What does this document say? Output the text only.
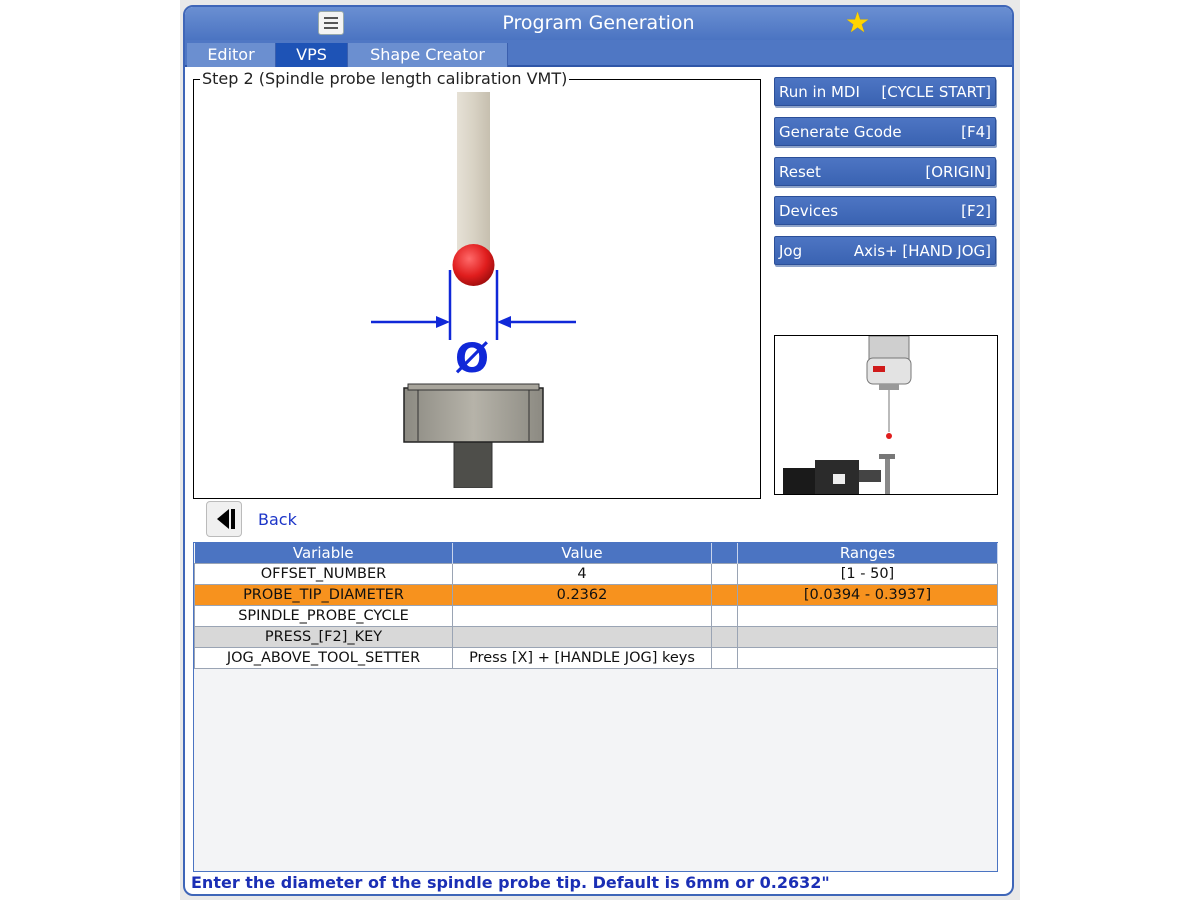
Program Generation	★
Editor	VPS	Shape Creator
Step 2 (Spindle probe length calibration VMT)
Ø
Run in MDI [CYCLE START]
Generate Gcode	[F4]
Reset	[ORIGIN]
Devices	[F2]
Jog	Axis+ [HAND JOG]
Back
Variable	Value		Ranges
OFFSET_NUMBER	4		[1 - 50]
PROBE_TIP_DIAMETER	0.2362		[0.0394 - 0.3937]
SPINDLE_PROBE_CYCLE			
PRESS_[F2]_KEY			
JOG_ABOVE_TOOL_SETTER	Press [X] + [HANDLE JOG] keys		
Enter the diameter of the spindle probe tip. Default is 6mm or 0.2632"
